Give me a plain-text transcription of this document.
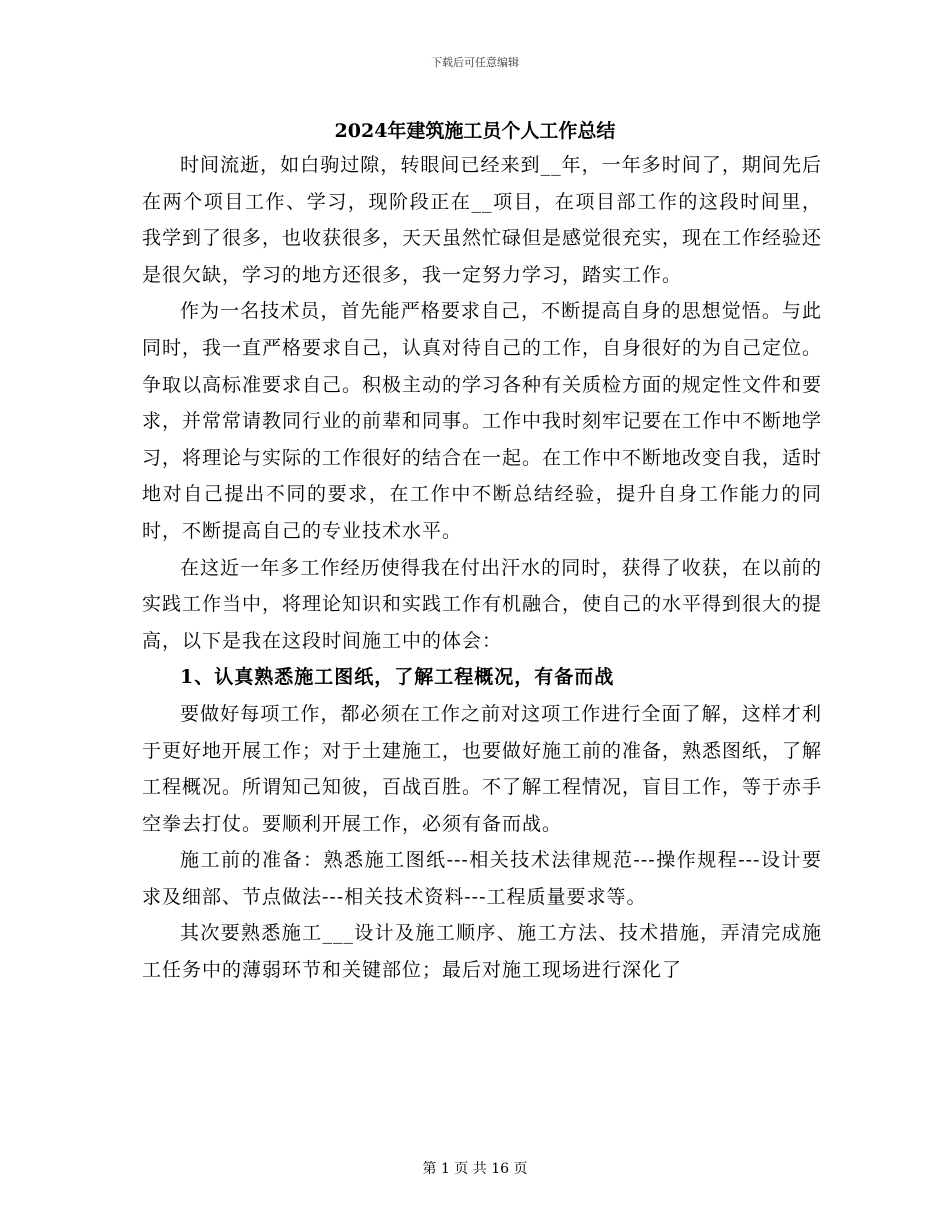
下载后可任意编辑
2024年建筑施工员个人工作总结

时间流逝，如白驹过隙，转眼间已经来到__年，一年多时间了，期间先后在两个项目工作、学习，现阶段正在__项目，在项目部工作的这段时间里，我学到了很多，也收获很多，天天虽然忙碌但是感觉很充实，现在工作经验还是很欠缺，学习的地方还很多，我一定努力学习，踏实工作。

作为一名技术员，首先能严格要求自己，不断提高自身的思想觉悟。与此同时，我一直严格要求自己，认真对待自己的工作，自身很好的为自己定位。争取以高标准要求自己。积极主动的学习各种有关质检方面的规定性文件和要求，并常常请教同行业的前辈和同事。工作中我时刻牢记要在工作中不断地学习，将理论与实际的工作很好的结合在一起。在工作中不断地改变自我，适时地对自己提出不同的要求，在工作中不断总结经验，提升自身工作能力的同时，不断提高自己的专业技术水平。

在这近一年多工作经历使得我在付出汗水的同时，获得了收获，在以前的实践工作当中，将理论知识和实践工作有机融合，使自己的水平得到很大的提高，以下是我在这段时间施工中的体会：

1、认真熟悉施工图纸，了解工程概况，有备而战

要做好每项工作，都必须在工作之前对这项工作进行全面了解，这样才利于更好地开展工作；对于土建施工，也要做好施工前的准备，熟悉图纸，了解工程概况。所谓知己知彼，百战百胜。不了解工程情况，盲目工作，等于赤手空拳去打仗。要顺利开展工作，必须有备而战。

施工前的准备：熟悉施工图纸---相关技术法律规范---操作规程---设计要求及细部、节点做法---相关技术资料---工程质量要求等。

其次要熟悉施工___设计及施工顺序、施工方法、技术措施，弄清完成施工任务中的薄弱环节和关键部位；最后对施工现场进行深化了

第 1 页 共 16 页
